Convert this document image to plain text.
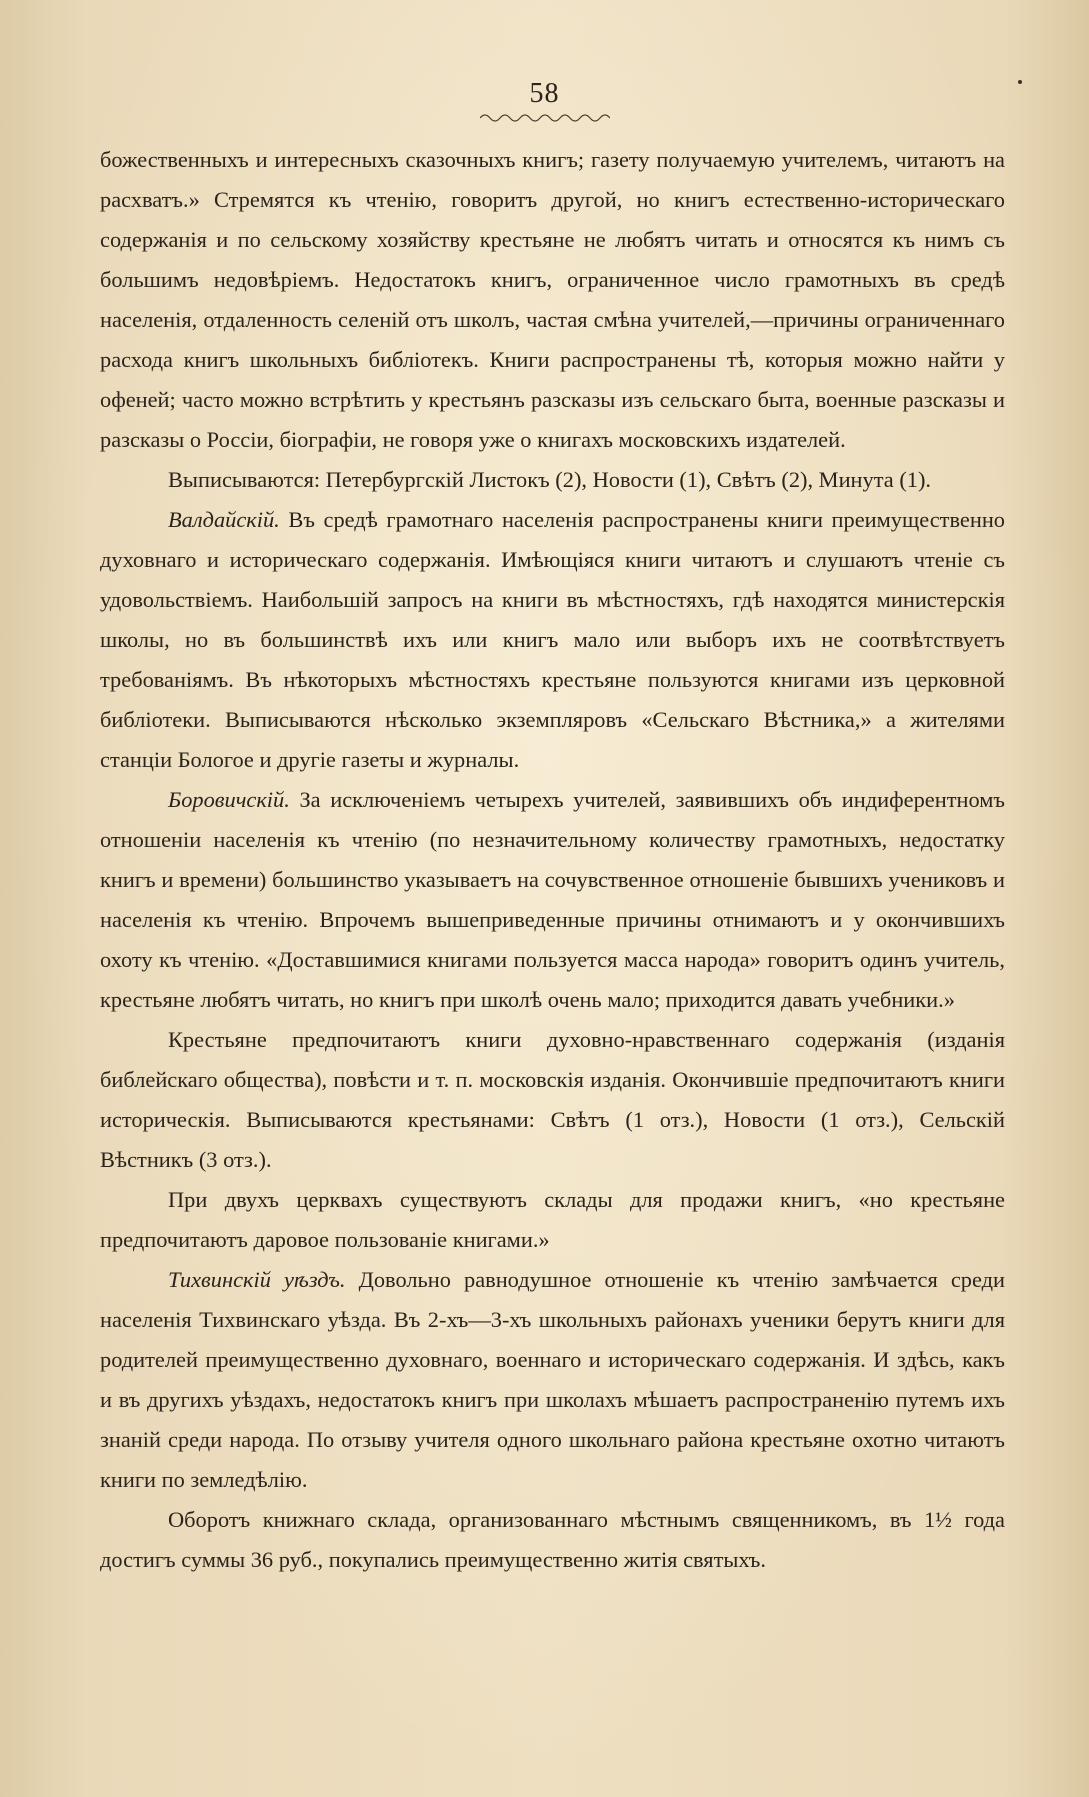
58

божественныхъ и интересныхъ сказочныхъ книгъ; газету получаемую учителемъ, читаютъ на расхватъ.» Стремятся къ чтенію, говоритъ другой, но книгъ естественно-историческаго содержанія и по сельскому хозяйству крестьяне не любятъ читать и относятся къ нимъ съ большимъ недовѣріемъ. Недостатокъ книгъ, ограниченное число грамотныхъ въ средѣ населенія, отдаленность селеній отъ школъ, частая смѣна учителей,—причины ограниченнаго расхода книгъ школьныхъ библіотекъ. Книги распространены тѣ, которыя можно найти у офеней; часто можно встрѣтить у крестьянъ разсказы изъ сельскаго быта, военные разсказы и разсказы о Россіи, біографіи, не говоря уже о книгахъ московскихъ издателей.

Выписываются: Петербургскій Листокъ (2), Новости (1), Свѣтъ (2), Минута (1).

Валдайскій. Въ средѣ грамотнаго населенія распространены книги преимущественно духовнаго и историческаго содержанія. Имѣющіяся книги читаютъ и слушаютъ чтеніе съ удовольствіемъ. Наибольшій запросъ на книги въ мѣстностяхъ, гдѣ находятся министерскія школы, но въ большинствѣ ихъ или книгъ мало или выборъ ихъ не соотвѣтствуетъ требованіямъ. Въ нѣкоторыхъ мѣстностяхъ крестьяне пользуются книгами изъ церковной библіотеки. Выписываются нѣсколько экземпляровъ «Сельскаго Вѣстника,» а жителями станціи Бологое и другіе газеты и журналы.

Боровичскій. За исключеніемъ четырехъ учителей, заявившихъ объ индиферентномъ отношеніи населенія къ чтенію (по незначительному количеству грамотныхъ, недостатку книгъ и времени) большинство указываетъ на сочувственное отношеніе бывшихъ учениковъ и населенія къ чтенію. Впрочемъ вышеприведенные причины отнимаютъ и у окончившихъ охоту къ чтенію. «Доставшимися книгами пользуется масса народа» говоритъ одинъ учитель, крестьяне любятъ читать, но книгъ при школѣ очень мало; приходится давать учебники.»

Крестьяне предпочитаютъ книги духовно-нравственнаго содержанія (изданія библейскаго общества), повѣсти и т. п. московскія изданія. Окончившіе предпочитаютъ книги историческія. Выписываются крестьянами: Свѣтъ (1 отз.), Новости (1 отз.), Сельскій Вѣстникъ (3 отз.).

При двухъ церквахъ существуютъ склады для продажи книгъ, «но крестьяне предпочитаютъ даровое пользованіе книгами.»

Тихвинскій уѣздъ. Довольно равнодушное отношеніе къ чтенію замѣчается среди населенія Тихвинскаго уѣзда. Въ 2-хъ—3-хъ школьныхъ районахъ ученики берутъ книги для родителей преимущественно духовнаго, военнаго и историческаго содержанія. И здѣсь, какъ и въ другихъ уѣздахъ, недостатокъ книгъ при школахъ мѣшаетъ распространенію путемъ ихъ знаній среди народа. По отзыву учителя одного школьнаго района крестьяне охотно читаютъ книги по земледѣлію.

Оборотъ книжнаго склада, организованнаго мѣстнымъ священникомъ, въ 1½ года достигъ суммы 36 руб., покупались преимущественно житія святыхъ.
